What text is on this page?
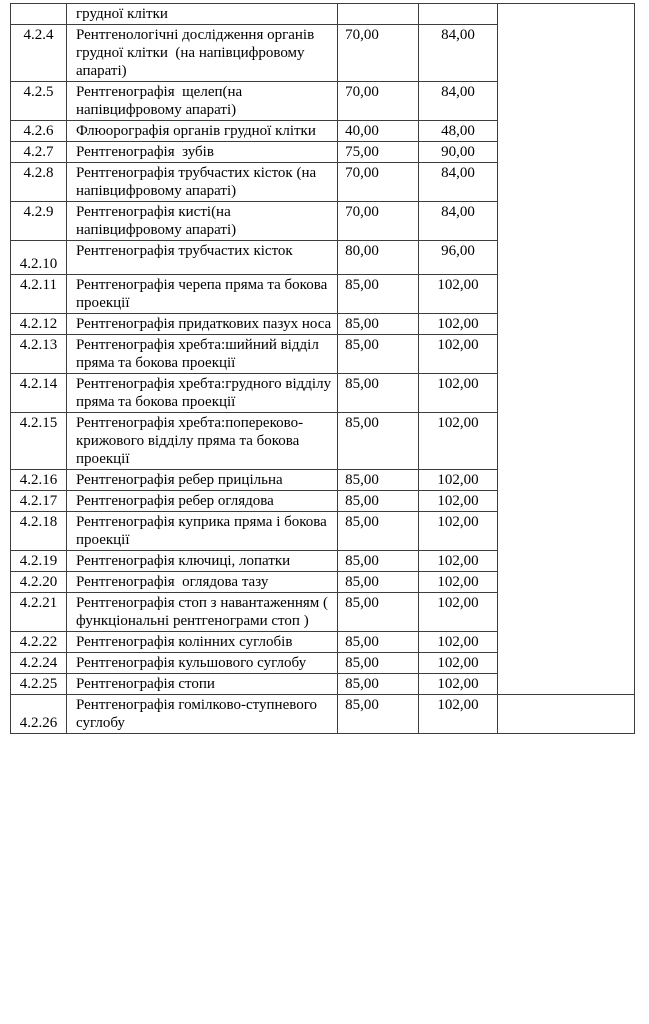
	грудної клітки			
4.2.4	Рентгенологічні дослідження органів грудної клітки  (на напівцифровому апараті)	70,00	84,00	
4.2.5	Рентгенографія  щелеп(на напівцифровому апараті)	70,00	84,00	
4.2.6	Флюорографія органів грудної клітки	40,00	48,00	
4.2.7	Рентгенографія  зубів	75,00	90,00	
4.2.8	Рентгенографія трубчастих кісток (на напівцифровому апараті)	70,00	84,00	
4.2.9	Рентгенографія кисті(на напівцифровому апараті)	70,00	84,00	
4.2.10	Рентгенографія трубчастих кісток	80,00	96,00	
4.2.11	Рентгенографія черепа пряма та бокова проекції	85,00	102,00	
4.2.12	Рентгенографія придаткових пазух носа	85,00	102,00	
4.2.13	Рентгенографія хребта:шийний відділ пряма та бокова проекції	85,00	102,00	
4.2.14	Рентгенографія хребта:грудного відділу пряма та бокова проекції	85,00	102,00	
4.2.15	Рентгенографія хребта:попереково-крижового відділу пряма та бокова проекції	85,00	102,00	
4.2.16	Рентгенографія ребер прицільна	85,00	102,00	
4.2.17	Рентгенографія ребер оглядова	85,00	102,00	
4.2.18	Рентгенографія куприка пряма і бокова проекції	85,00	102,00	
4.2.19	Рентгенографія ключиці, лопатки	85,00	102,00	
4.2.20	Рентгенографія  оглядова тазу	85,00	102,00	
4.2.21	Рентгенографія стоп з навантаженням ( функціональні рентгенограми стоп )	85,00	102,00	
4.2.22	Рентгенографія колінних суглобів	85,00	102,00	
4.2.24	Рентгенографія кульшового суглобу	85,00	102,00	
4.2.25	Рентгенографія стопи	85,00	102,00	
4.2.26	Рентгенографія гомілково-ступневого суглобу	85,00	102,00	
